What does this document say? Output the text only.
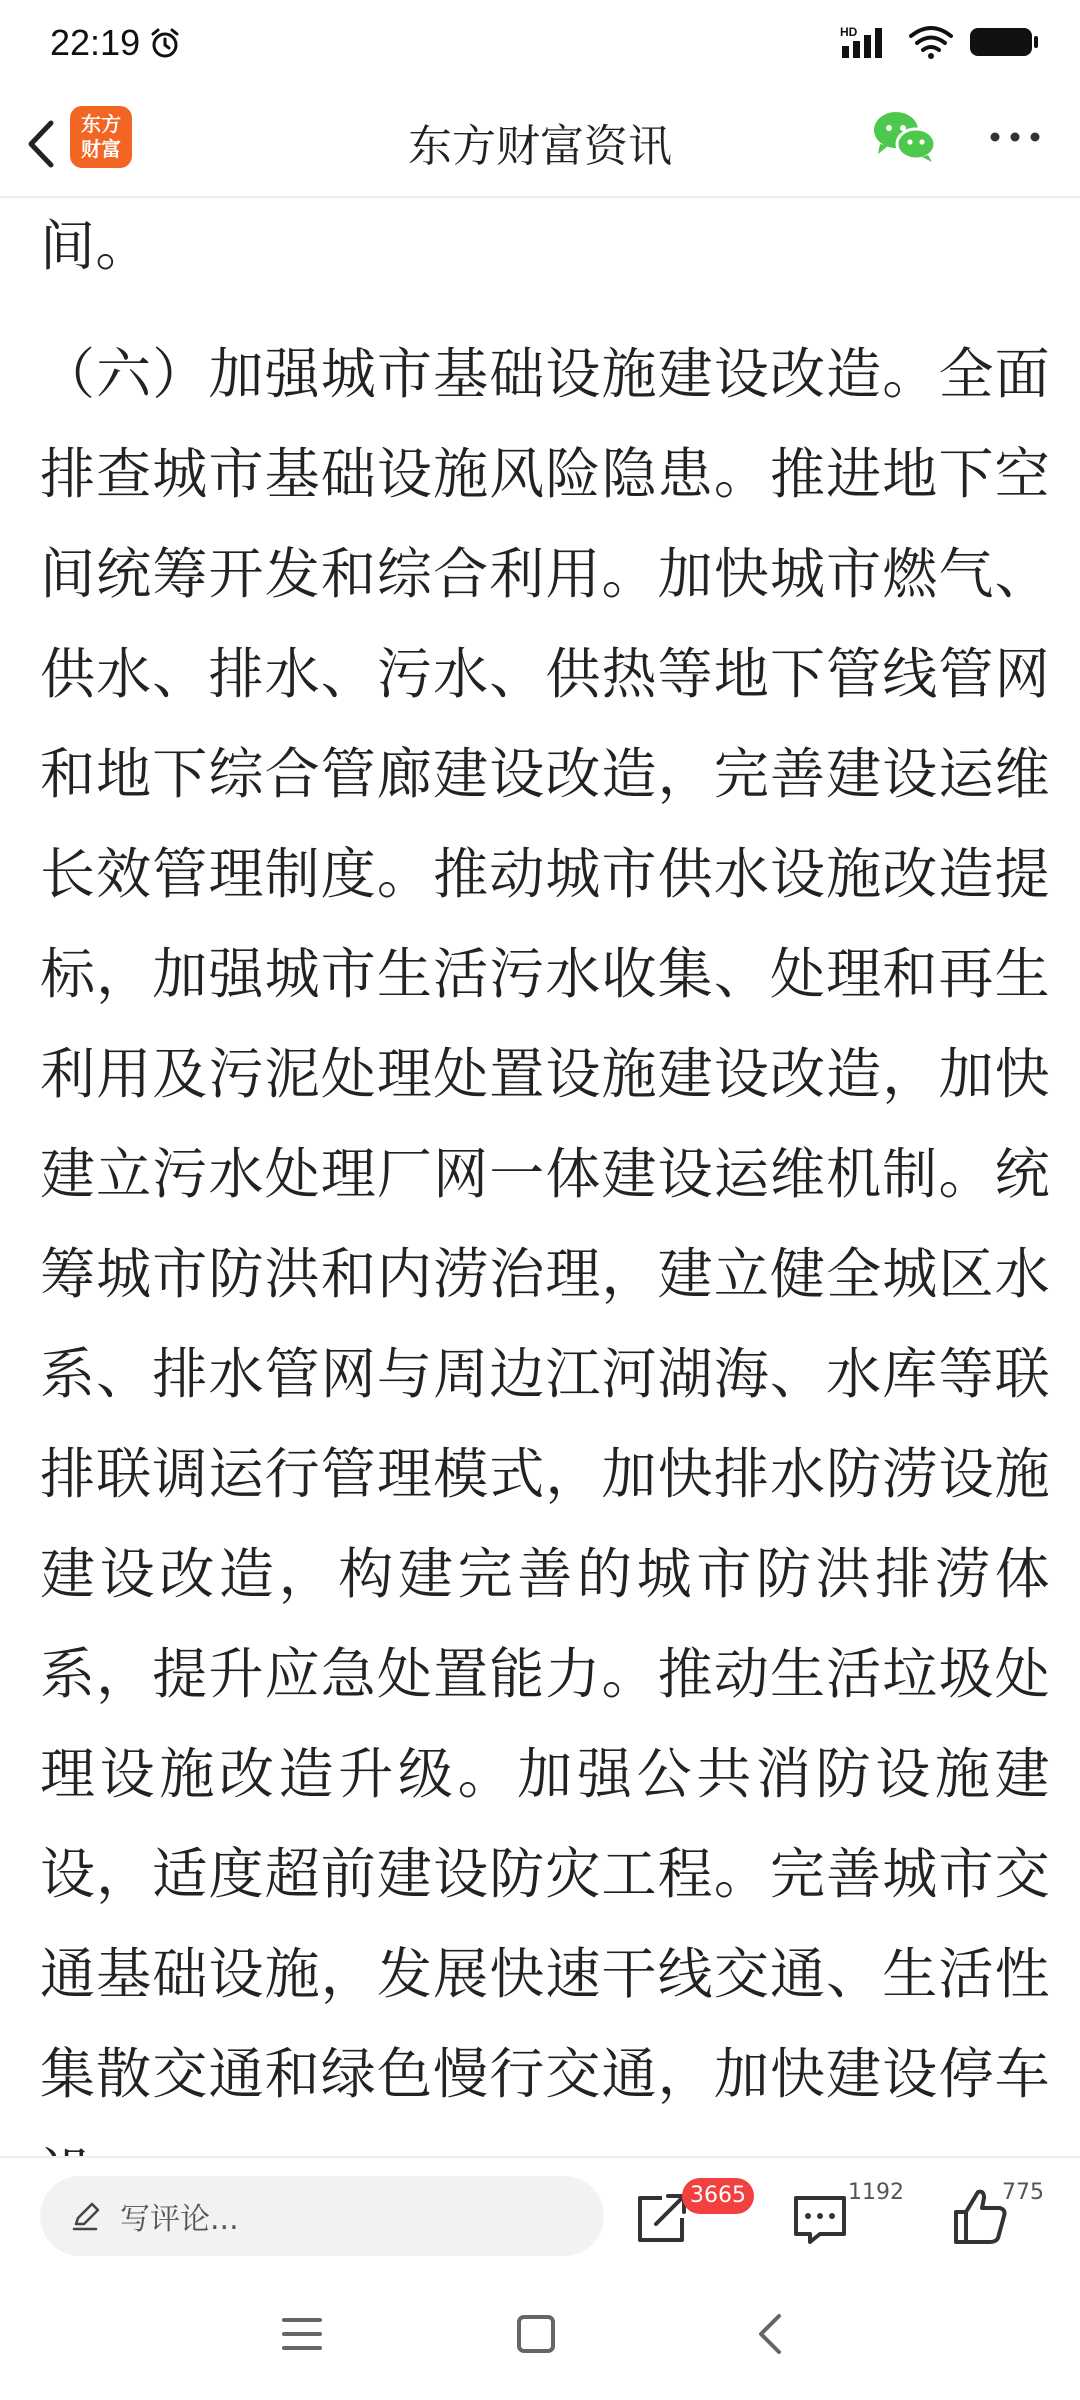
22:19	HD
东方
财富	东方财富资讯

间。

（六）加强城市基础设施建设改造。全面排查城市基础设施风险隐患。推进地下空间统筹开发和综合利用。加快城市燃气、供水、排水、污水、供热等地下管线管网和地下综合管廊建设改造，完善建设运维长效管理制度。推动城市供水设施改造提标，加强城市生活污水收集、处理和再生利用及污泥处理处置设施建设改造，加快建立污水处理厂网一体建设运维机制。统筹城市防洪和内涝治理，建立健全城区水系、排水管网与周边江河湖海、水库等联排联调运行管理模式，加快排水防涝设施建设改造，构建完善的城市防洪排涝体系，提升应急处置能力。推动生活垃圾处理设施改造升级。加强公共消防设施建设，适度超前建设防灾工程。完善城市交通基础设施，发展快速干线交通、生活性集散交通和绿色慢行交通，加快建设停车

写评论...
3665	1192	775
